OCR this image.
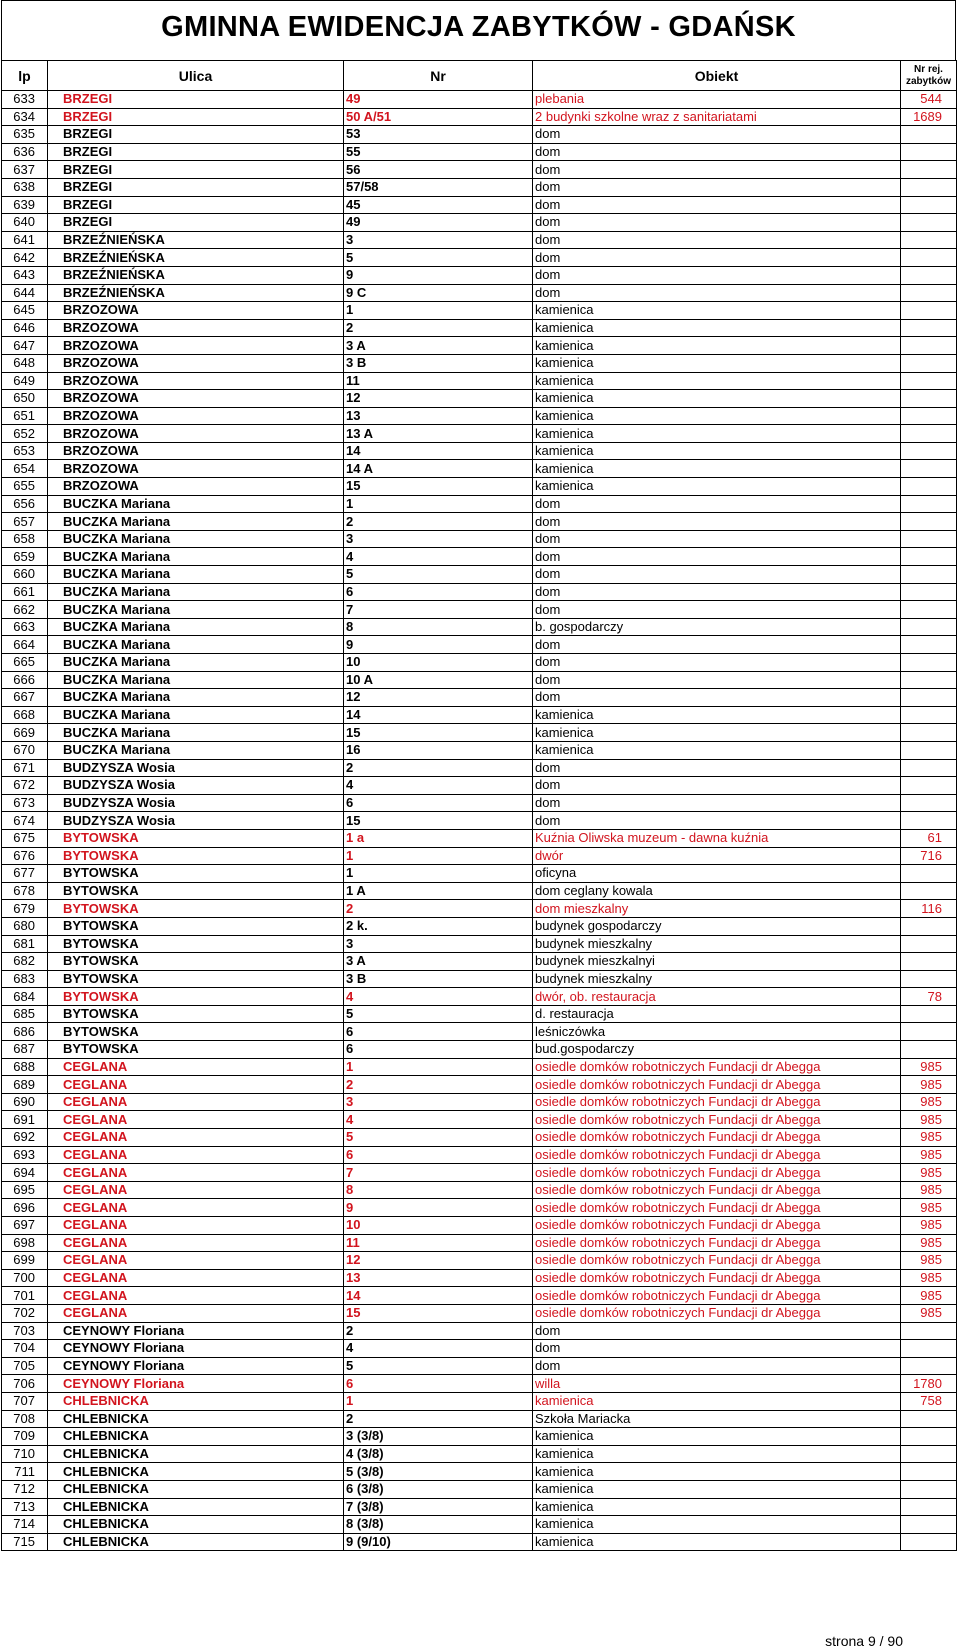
GMINNA EWIDENCJA ZABYTKÓW - GDAŃSK
lp	Ulica	Nr	Obiekt	Nr rej.
zabytków
633	BRZEGI	49	plebania	544
634	BRZEGI	50 A/51	2 budynki szkolne wraz z sanitariatami	1689
635	BRZEGI	53	dom	
636	BRZEGI	55	dom	
637	BRZEGI	56	dom	
638	BRZEGI	57/58	dom	
639	BRZEGI	45	dom	
640	BRZEGI	49	dom	
641	BRZEŹNIEŃSKA	3	dom	
642	BRZEŹNIEŃSKA	5	dom	
643	BRZEŹNIEŃSKA	9	dom	
644	BRZEŹNIEŃSKA	9 C	dom	
645	BRZOZOWA	1	kamienica	
646	BRZOZOWA	2	kamienica	
647	BRZOZOWA	3 A	kamienica	
648	BRZOZOWA	3 B	kamienica	
649	BRZOZOWA	11	kamienica	
650	BRZOZOWA	12	kamienica	
651	BRZOZOWA	13	kamienica	
652	BRZOZOWA	13 A	kamienica	
653	BRZOZOWA	14	kamienica	
654	BRZOZOWA	14 A	kamienica	
655	BRZOZOWA	15	kamienica	
656	BUCZKA Mariana	1	dom	
657	BUCZKA Mariana	2	dom	
658	BUCZKA Mariana	3	dom	
659	BUCZKA Mariana	4	dom	
660	BUCZKA Mariana	5	dom	
661	BUCZKA Mariana	6	dom	
662	BUCZKA Mariana	7	dom	
663	BUCZKA Mariana	8	b. gospodarczy	
664	BUCZKA Mariana	9	dom	
665	BUCZKA Mariana	10	dom	
666	BUCZKA Mariana	10 A	dom	
667	BUCZKA Mariana	12	dom	
668	BUCZKA Mariana	14	kamienica	
669	BUCZKA Mariana	15	kamienica	
670	BUCZKA Mariana	16	kamienica	
671	BUDZYSZA Wosia	2	dom	
672	BUDZYSZA Wosia	4	dom	
673	BUDZYSZA Wosia	6	dom	
674	BUDZYSZA Wosia	15	dom	
675	BYTOWSKA	1 a	Kuźnia Oliwska muzeum - dawna kuźnia	61
676	BYTOWSKA	1	dwór	716
677	BYTOWSKA	1	oficyna	
678	BYTOWSKA	1 A	dom ceglany kowala	
679	BYTOWSKA	2	dom mieszkalny	116
680	BYTOWSKA	2 k.	budynek gospodarczy	
681	BYTOWSKA	3	budynek mieszkalny	
682	BYTOWSKA	3 A	budynek mieszkalnyi	
683	BYTOWSKA	3 B	budynek mieszkalny	
684	BYTOWSKA	4	dwór, ob. restauracja	78
685	BYTOWSKA	5	d. restauracja	
686	BYTOWSKA	6	leśniczówka	
687	BYTOWSKA	6	bud.gospodarczy	
688	CEGLANA	1	osiedle domków robotniczych Fundacji dr Abegga	985
689	CEGLANA	2	osiedle domków robotniczych Fundacji dr Abegga	985
690	CEGLANA	3	osiedle domków robotniczych Fundacji dr Abegga	985
691	CEGLANA	4	osiedle domków robotniczych Fundacji dr Abegga	985
692	CEGLANA	5	osiedle domków robotniczych Fundacji dr Abegga	985
693	CEGLANA	6	osiedle domków robotniczych Fundacji dr Abegga	985
694	CEGLANA	7	osiedle domków robotniczych Fundacji dr Abegga	985
695	CEGLANA	8	osiedle domków robotniczych Fundacji dr Abegga	985
696	CEGLANA	9	osiedle domków robotniczych Fundacji dr Abegga	985
697	CEGLANA	10	osiedle domków robotniczych Fundacji dr Abegga	985
698	CEGLANA	11	osiedle domków robotniczych Fundacji dr Abegga	985
699	CEGLANA	12	osiedle domków robotniczych Fundacji dr Abegga	985
700	CEGLANA	13	osiedle domków robotniczych Fundacji dr Abegga	985
701	CEGLANA	14	osiedle domków robotniczych Fundacji dr Abegga	985
702	CEGLANA	15	osiedle domków robotniczych Fundacji dr Abegga	985
703	CEYNOWY Floriana	2	dom	
704	CEYNOWY Floriana	4	dom	
705	CEYNOWY Floriana	5	dom	
706	CEYNOWY Floriana	6	willa	1780
707	CHLEBNICKA	1	kamienica	758
708	CHLEBNICKA	2	Szkoła Mariacka	
709	CHLEBNICKA	3 (3/8)	kamienica	
710	CHLEBNICKA	4 (3/8)	kamienica	
711	CHLEBNICKA	5 (3/8)	kamienica	
712	CHLEBNICKA	6 (3/8)	kamienica	
713	CHLEBNICKA	7 (3/8)	kamienica	
714	CHLEBNICKA	8 (3/8)	kamienica	
715	CHLEBNICKA	9 (9/10)	kamienica	
strona 9 / 90
